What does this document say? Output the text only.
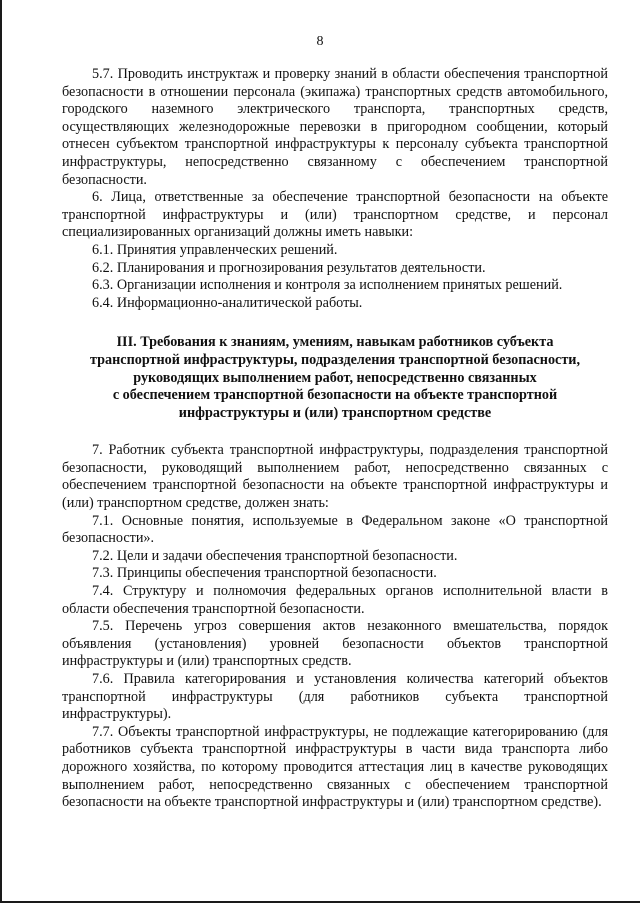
8

5.7. Проводить инструктаж и проверку знаний в области обеспечения транспортной безопасности в отношении персонала (экипажа) транспортных средств автомобильного, городского наземного электрического транспорта, транспортных средств, осуществляющих железнодорожные перевозки в пригородном сообщении, который отнесен субъектом транспортной инфраструктуры к персоналу субъекта транспортной инфраструктуры, непосредственно связанному с обеспечением транспортной безопасности.

6. Лица, ответственные за обеспечение транспортной безопасности на объекте транспортной инфраструктуры и (или) транспортном средстве, и персонал специализированных организаций должны иметь навыки:

6.1. Принятия управленческих решений.

6.2. Планирования и прогнозирования результатов деятельности.

6.3. Организации исполнения и контроля за исполнением принятых решений.

6.4. Информационно-аналитической работы.

III. Требования к знаниям, умениям, навыкам работников субъекта
транспортной инфраструктуры, подразделения транспортной безопасности,
руководящих выполнением работ, непосредственно связанных
с обеспечением транспортной безопасности на объекте транспортной
инфраструктуры и (или) транспортном средстве

7. Работник субъекта транспортной инфраструктуры, подразделения транспортной безопасности, руководящий выполнением работ, непосредственно связанных с обеспечением транспортной безопасности на объекте транспортной инфраструктуры и (или) транспортном средстве, должен знать:

7.1. Основные понятия, используемые в Федеральном законе «О транспортной безопасности».

7.2. Цели и задачи обеспечения транспортной безопасности.

7.3. Принципы обеспечения транспортной безопасности.

7.4. Структуру и полномочия федеральных органов исполнительной власти в области обеспечения транспортной безопасности.

7.5. Перечень угроз совершения актов незаконного вмешательства, порядок объявления (установления) уровней безопасности объектов транспортной инфраструктуры и (или) транспортных средств.

7.6. Правила категорирования и установления количества категорий объектов транспортной инфраструктуры (для работников субъекта транспортной инфраструктуры).

7.7. Объекты транспортной инфраструктуры, не подлежащие категорированию (для работников субъекта транспортной инфраструктуры в части вида транспорта либо дорожного хозяйства, по которому проводится аттестация лиц в качестве руководящих выполнением работ, непосредственно связанных с обеспечением транспортной безопасности на объекте транспортной инфраструктуры и (или) транспортном средстве).
